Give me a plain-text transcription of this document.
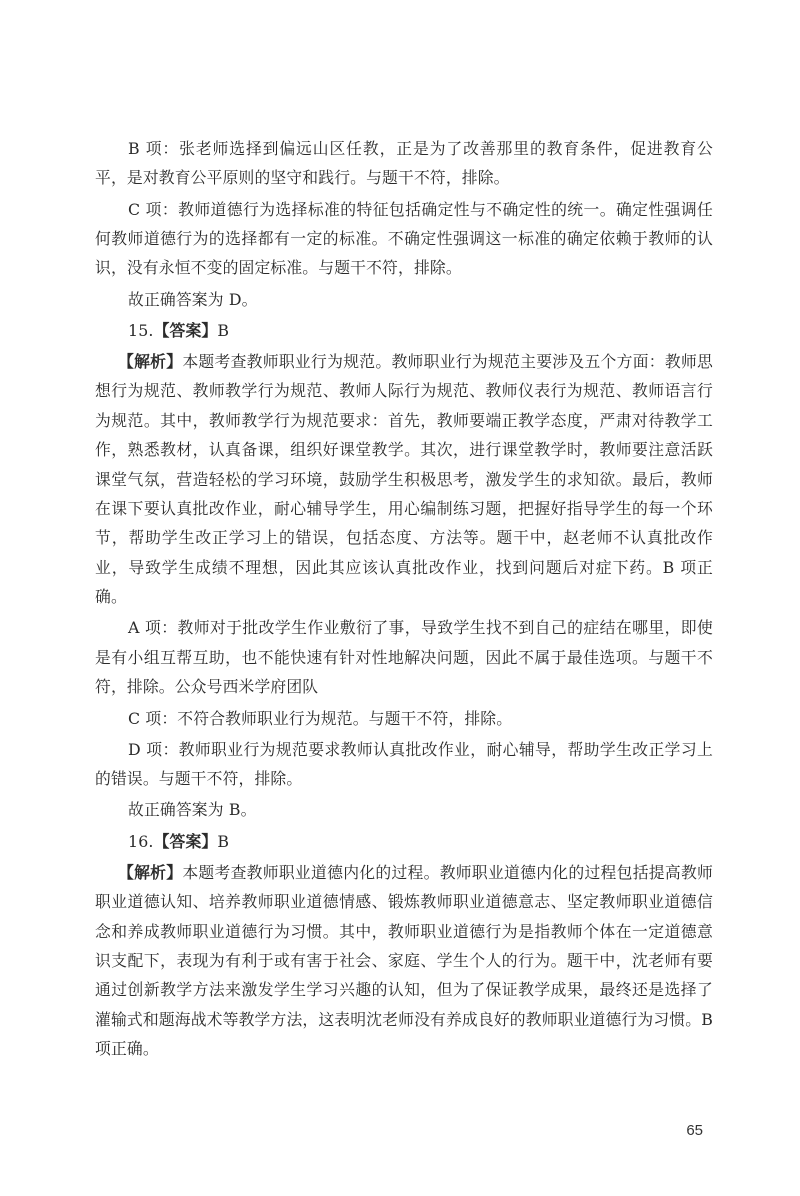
B 项：张老师选择到偏远山区任教，正是为了改善那里的教育条件，促进教育公平，是对教育公平原则的坚守和践行。与题干不符，排除。

C 项：教师道德行为选择标准的特征包括确定性与不确定性的统一。确定性强调任何教师道德行为的选择都有一定的标准。不确定性强调这一标准的确定依赖于教师的认识，没有永恒不变的固定标准。与题干不符，排除。

故正确答案为 D。

15.【答案】B

【解析】本题考查教师职业行为规范。教师职业行为规范主要涉及五个方面：教师思想行为规范、教师教学行为规范、教师人际行为规范、教师仪表行为规范、教师语言行为规范。其中，教师教学行为规范要求：首先，教师要端正教学态度，严肃对待教学工作，熟悉教材，认真备课，组织好课堂教学。其次，进行课堂教学时，教师要注意活跃课堂气氛，营造轻松的学习环境，鼓励学生积极思考，激发学生的求知欲。最后，教师在课下要认真批改作业，耐心辅导学生，用心编制练习题，把握好指导学生的每一个环节，帮助学生改正学习上的错误，包括态度、方法等。题干中，赵老师不认真批改作业，导致学生成绩不理想，因此其应该认真批改作业，找到问题后对症下药。B 项正确。

A 项：教师对于批改学生作业敷衍了事，导致学生找不到自己的症结在哪里，即使是有小组互帮互助，也不能快速有针对性地解决问题，因此不属于最佳选项。与题干不符，排除。公众号西米学府团队

C 项：不符合教师职业行为规范。与题干不符，排除。

D 项：教师职业行为规范要求教师认真批改作业，耐心辅导，帮助学生改正学习上的错误。与题干不符，排除。

故正确答案为 B。

16.【答案】B

【解析】本题考查教师职业道德内化的过程。教师职业道德内化的过程包括提高教师职业道德认知、培养教师职业道德情感、锻炼教师职业道德意志、坚定教师职业道德信念和养成教师职业道德行为习惯。其中，教师职业道德行为是指教师个体在一定道德意识支配下，表现为有利于或有害于社会、家庭、学生个人的行为。题干中，沈老师有要通过创新教学方法来激发学生学习兴趣的认知，但为了保证教学成果，最终还是选择了灌输式和题海战术等教学方法，这表明沈老师没有养成良好的教师职业道德行为习惯。B 项正确。

65
